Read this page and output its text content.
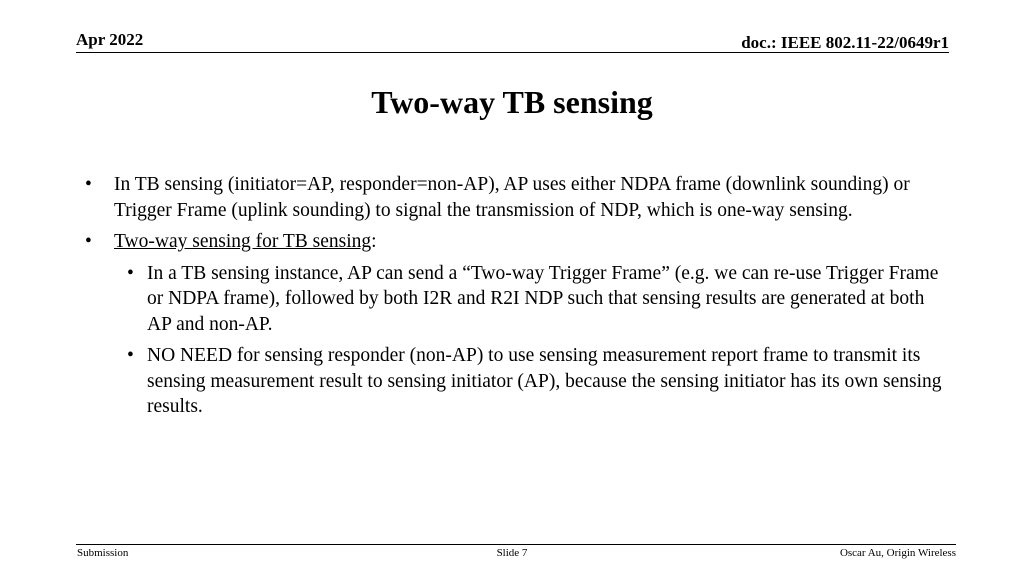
Apr 2022	doc.: IEEE 802.11-22/0649r1
Two-way TB sensing
• In TB sensing (initiator=AP, responder=non-AP), AP uses either NDPA frame (downlink sounding) or Trigger Frame (uplink sounding) to signal the transmission of NDP, which is one-way sensing.
• Two-way sensing for TB sensing:
• In a TB sensing instance, AP can send a “Two-way Trigger Frame” (e.g. we can re-use Trigger Frame or NDPA frame), followed by both I2R and R2I NDP such that sensing results are generated at both AP and non-AP.
• NO NEED for sensing responder (non-AP) to use sensing measurement report frame to transmit its sensing measurement result to sensing initiator (AP), because the sensing initiator has its own sensing results.
Submission	Slide 7	Oscar Au, Origin Wireless
